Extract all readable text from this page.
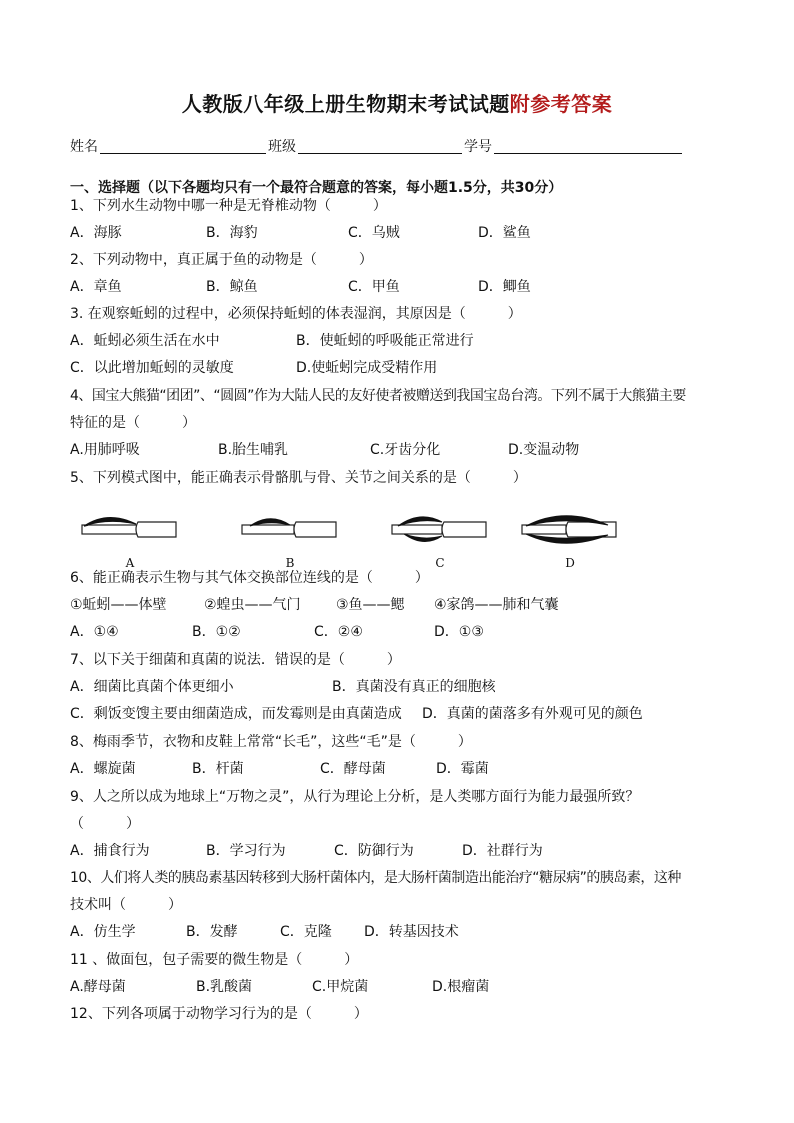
人教版八年级上册生物期末考试试题附参考答案
姓名	班级	学号
一、选择题（以下各题均只有一个最符合题意的答案，每小题1.5分，共30分）
1、下列水生动物中哪一种是无脊椎动物（　　　）
A．海豚	B．海豹	C．乌贼	D．鲨鱼
2、下列动物中，真正属于鱼的动物是（　　　）
A．章鱼	B．鲸鱼	C．甲鱼	D．鲫鱼
3. 在观察蚯蚓的过程中，必须保持蚯蚓的体表湿润，其原因是（　　　）
A．蚯蚓必须生活在水中	B．使蚯蚓的呼吸能正常进行
C．以此增加蚯蚓的灵敏度	D.使蚯蚓完成受精作用
4、国宝大熊猫“团团”、“圆圆”作为大陆人民的友好使者被赠送到我国宝岛台湾。下列不属于大熊猫主要
特征的是（　　　）
A.用肺呼吸	B.胎生哺乳	C.牙齿分化	D.变温动物
5、下列模式图中，能正确表示骨骼肌与骨、关节之间关系的是（　　　）
A	B	C	D
6、能正确表示生物与其气体交换部位连线的是（　　　）
①蚯蚓——体壁	②蝗虫——气门	③鱼——鳃 ④家鸽——肺和气囊
A．①④	B．①②	C．②④	D．①③
7、以下关于细菌和真菌的说法．错误的是（　　　）
A．细菌比真菌个体更细小	B．真菌没有真正的细胞核
C．剩饭变馊主要由细菌造成，而发霉则是由真菌造成 D．真菌的菌落多有外观可见的颜色
8、梅雨季节，衣物和皮鞋上常常“长毛”，这些“毛”是（　　　）
A．螺旋菌	B．杆菌	C．酵母菌	D．霉菌
9、人之所以成为地球上“万物之灵”，从行为理论上分析，是人类哪方面行为能力最强所致？
（　　　）
A．捕食行为	B．学习行为	C．防御行为	D．社群行为
10、人们将人类的胰岛素基因转移到大肠杆菌体内，是大肠杆菌制造出能治疗“糖尿病”的胰岛素，这种
技术叫（　　　）
A．仿生学	B．发酵	C．克隆 D．转基因技术
11 、做面包，包子需要的微生物是（　　　）
A.酵母菌	B.乳酸菌	C.甲烷菌	D.根瘤菌
12、下列各项属于动物学习行为的是（　　　）
